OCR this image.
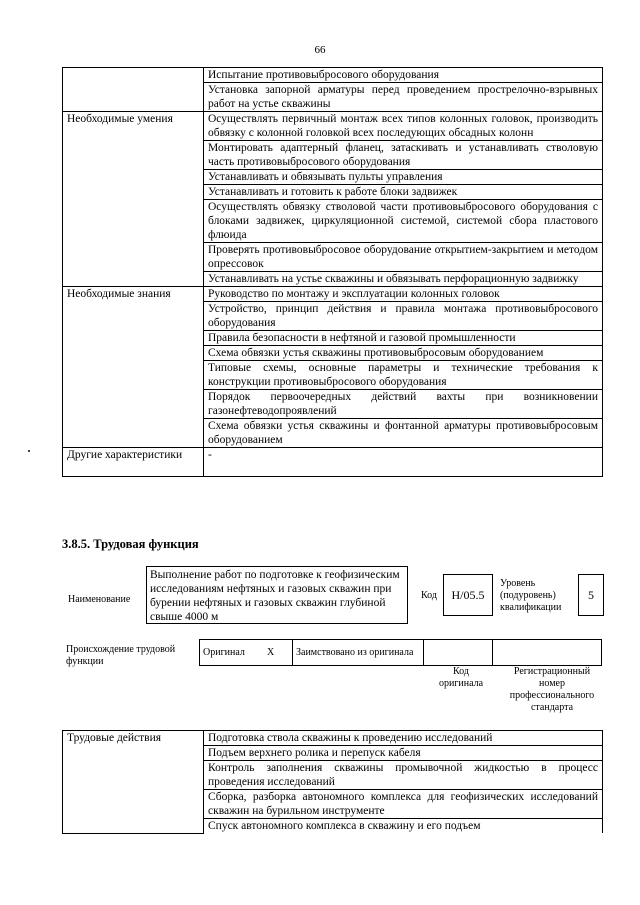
66
	Испытание противовыбросового оборудования
	Установка запорной арматуры перед проведением прострелочно-взрывных работ на устье скважины
Необходимые умения	Осуществлять первичный монтаж всех типов колонных головок, производить обвязку с колонной головкой всех последующих обсадных колонн
	Монтировать адаптерный фланец, затаскивать и устанавливать стволовую часть противовыбросового оборудования
	Устанавливать и обвязывать пульты управления
	Устанавливать и готовить к работе блоки задвижек
	Осуществлять обвязку стволовой части противовыбросового оборудования с блоками задвижек, циркуляционной системой, системой сбора пластового флюида
	Проверять противовыбросовое оборудование открытием-закрытием и методом опрессовок
	Устанавливать на устье скважины и обвязывать перфорационную задвижку
Необходимые знания	Руководство по монтажу и эксплуатации колонных головок
	Устройство, принцип действия и правила монтажа противовыбросового оборудования
	Правила безопасности в нефтяной и газовой промышленности
	Схема обвязки устья скважины противовыбросовым оборудованием
	Типовые схемы, основные параметры и технические требования к конструкции противовыбросового оборудования
	Порядок первоочередных действий вахты при возникновении газонефтеводопроявлений
	Схема обвязки устья скважины и фонтанной арматуры противовыбросовым оборудованием
Другие характеристики	-
3.8.5. Трудовая функция
Наименование
Выполнение работ по подготовке к геофизическим исследованиям нефтяных и газовых скважин при бурении нефтяных и газовых скважин глубиной свыше 4000 м
Код	H/05.5
Уровень (подуровень) квалификации
5
Происхождение трудовой функции
Оригинал	X	Заимствовано из оригинала		
Код оригинала
Регистрационный номер профессионального стандарта
Трудовые действия	Подготовка ствола скважины к проведению исследований
Подъем верхнего ролика и перепуск кабеля
Контроль заполнения скважины промывочной жидкостью в процесс проведения исследований
Сборка, разборка автономного комплекса для геофизических исследований скважин на бурильном инструменте
Спуск автономного комплекса в скважину и его подъем
